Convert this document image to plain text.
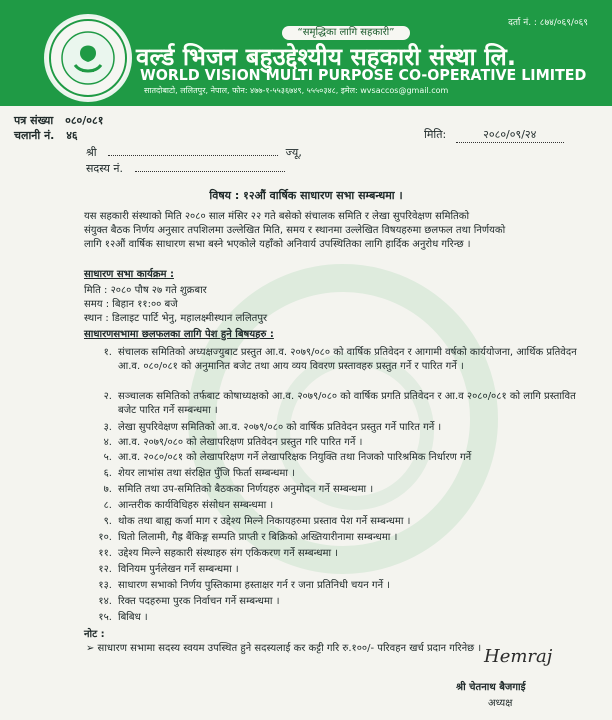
“समृद्धिका लागि सहकारी”
दर्ता नं. : ८७४/०६९/०६९
वर्ल्ड भिजन बहुउद्देश्यीय सहकारी संस्था लि.
WORLD VISION MULTI PURPOSE CO-OPERATIVE LIMITED
सातदोबाटो, ललितपुर, नेपाल, फोन: ४७७-१-५५३६७४९, ५५५०३४८, इमेल: wvsaccos@gmail.com
पत्र संख्या ०८०/०८१
चलानी नं. ४६	मिति:	२०८०/०९/२४
श्री	ज्यू,
सदस्य नं.
विषय : १२औं वार्षिक साधारण सभा सम्बन्धमा ।
यस सहकारी संस्थाको मिति २०८० साल मंसिर २२ गते बसेको संचालक समिति र लेखा सुपरिवेक्षण समितिको
संयुक्त बैठक निर्णय अनुसार तपशिलमा उल्लेखित मिति, समय र स्थानमा उल्लेखित विषयहरुमा छलफल तथा निर्णयको
लागि १२औं वार्षिक साधारण सभा बस्ने भएकोले यहाँको अनिवार्य उपस्थितिका लागि हार्दिक अनुरोध गरिन्छ ।
साधारण सभा कार्यक्रम :
मिति : २०८० पौष २७ गते शुक्रबार
समय : बिहान ११:०० बजे
स्थान : डिलाइट पार्टि भेनु, महालक्ष्मीस्थान ललितपुर
साधारणसभामा छलफलका लागि पेश हुने बिषयहरु :
१. संचालक समितिको अध्यक्षज्युबाट प्रस्तुत आ.व. २०७९/०८० को वार्षिक प्रतिवेदन र आगामी वर्षको कार्ययोजना, आर्थिक प्रतिवेदन आ.व. ०८०/०८१ को अनुमानित बजेट तथा आय व्यय विवरण प्रस्तावहरु प्रस्तुत गर्ने र पारित गर्ने ।
२. सञ्चालक समितिको तर्फबाट कोषाध्यक्षको आ.व. २०७९/०८० को वार्षिक प्रगति प्रतिवेदन र आ.व २०८०/०८१ को लागि प्रस्तावित बजेट पारित गर्ने सम्बन्धमा ।
३. लेखा सुपरिवेक्षण समितिको आ.व. २०७९/०८० को वार्षिक प्रतिवेदन प्रस्तुत गर्ने पारित गर्ने ।
४. आ.व. २०७९/०८० को लेखापरिक्षण प्रतिवेदन प्रस्तुत गरि पारित गर्ने ।
५. आ.व. २०८०/०८१ को लेखापरिक्षण गर्ने लेखापरिक्षक नियुक्ति तथा निजको पारिश्रमिक निर्धारण गर्ने
६. शेयर लाभांस तथा संरक्षित पुँजि फिर्ता सम्बन्धमा ।
७. समिति तथा उप-समितिको बैठकका निर्णयहरु अनुमोदन गर्ने सम्बन्धमा ।
८. आन्तरीक कार्यविधिहरु संसोधन सम्बन्धमा ।
९. थोक तथा बाह्य कर्जा माग र उद्देश्य मिल्ने निकायहरुमा प्रस्ताव पेश गर्ने सम्बन्धमा ।
१०. धितो लिलामी, गैह्र बैंकिङ्ग सम्पति प्राप्ती र बिक्रिको अख्तियारीनामा सम्बन्धमा ।
११. उद्देश्य मिल्ने सहकारी संस्थाहरु संग एकिकरण गर्ने सम्बन्धमा ।
१२. विनियम पुर्नलेखन गर्ने सम्बन्धमा ।
१३. साधारण सभाको निर्णय पुस्तिकामा हस्ताक्षर गर्न र जना प्रतिनिधी चयन गर्ने ।
१४. रिक्त पदहरुमा पुरक निर्वाचन गर्ने सम्बन्धमा ।
१५. बिबिध ।
नोट :
➢ साधारण सभामा सदस्य स्वयम उपस्थित हुने सदस्यलाई कर कट्टी गरि रु.१००/- परिवहन खर्च प्रदान गरिनेछ । Hemraj
श्री चेतनाथ बैजगाई
अध्यक्ष
